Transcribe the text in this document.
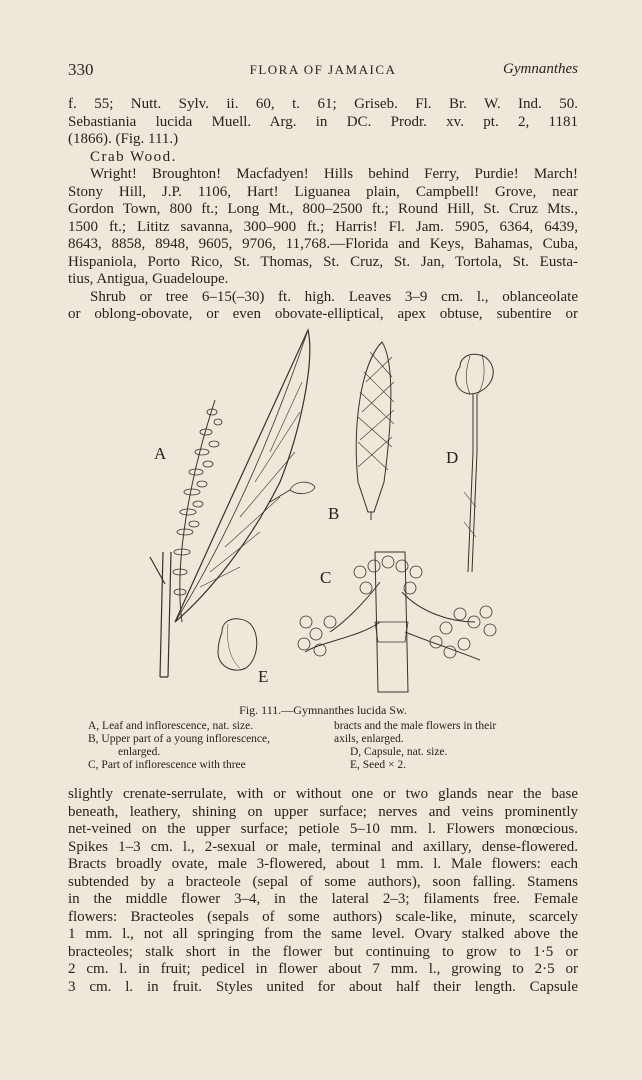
330	FLORA OF JAMAICA	Gymnanthes
f. 55; Nutt. Sylv. ii. 60, t. 61; Griseb. Fl. Br. W. Ind. 50.
Sebastiania lucida Muell. Arg. in DC. Prodr. xv. pt. 2, 1181
(1866). (Fig. 111.)
Crab Wood.
Wright! Broughton! Macfadyen! Hills behind Ferry, Purdie! March!
Stony Hill, J.P. 1106, Hart! Liguanea plain, Campbell! Grove, near
Gordon Town, 800 ft.; Long Mt., 800–2500 ft.; Round Hill, St. Cruz Mts.,
1500 ft.; Lititz savanna, 300–900 ft.; Harris! Fl. Jam. 5905, 6364, 6439,
8643, 8858, 8948, 9605, 9706, 11,768.—Florida and Keys, Bahamas, Cuba,
Hispaniola, Porto Rico, St. Thomas, St. Cruz, St. Jan, Tortola, St. Eusta-
tius, Antigua, Guadeloupe.
Shrub or tree 6–15(–30) ft. high. Leaves 3–9 cm. l., oblanceolate
or oblong-obovate, or even obovate-elliptical, apex obtuse, subentire or
A
B
C
D
E
Fig. 111.—Gymnanthes lucida Sw.
A, Leaf and inflorescence, nat. size.
B, Upper part of a young inflorescence,
enlarged.
C, Part of inflorescence with three
bracts and the male flowers in their
axils, enlarged.
D, Capsule, nat. size.
E, Seed × 2.
slightly crenate-serrulate, with or without one or two glands near the base
beneath, leathery, shining on upper surface; nerves and veins prominently
net-veined on the upper surface; petiole 5–10 mm. l. Flowers monœcious.
Spikes 1–3 cm. l., 2-sexual or male, terminal and axillary, dense-flowered.
Bracts broadly ovate, male 3-flowered, about 1 mm. l. Male flowers: each
subtended by a bracteole (sepal of some authors), soon falling. Stamens
in the middle flower 3–4, in the lateral 2–3; filaments free. Female
flowers: Bracteoles (sepals of some authors) scale-like, minute, scarcely
1 mm. l., not all springing from the same level. Ovary stalked above the
bracteoles; stalk short in the flower but continuing to grow to 1·5 or
2 cm. l. in fruit; pedicel in flower about 7 mm. l., growing to 2·5 or
3 cm. l. in fruit. Styles united for about half their length. Capsule
